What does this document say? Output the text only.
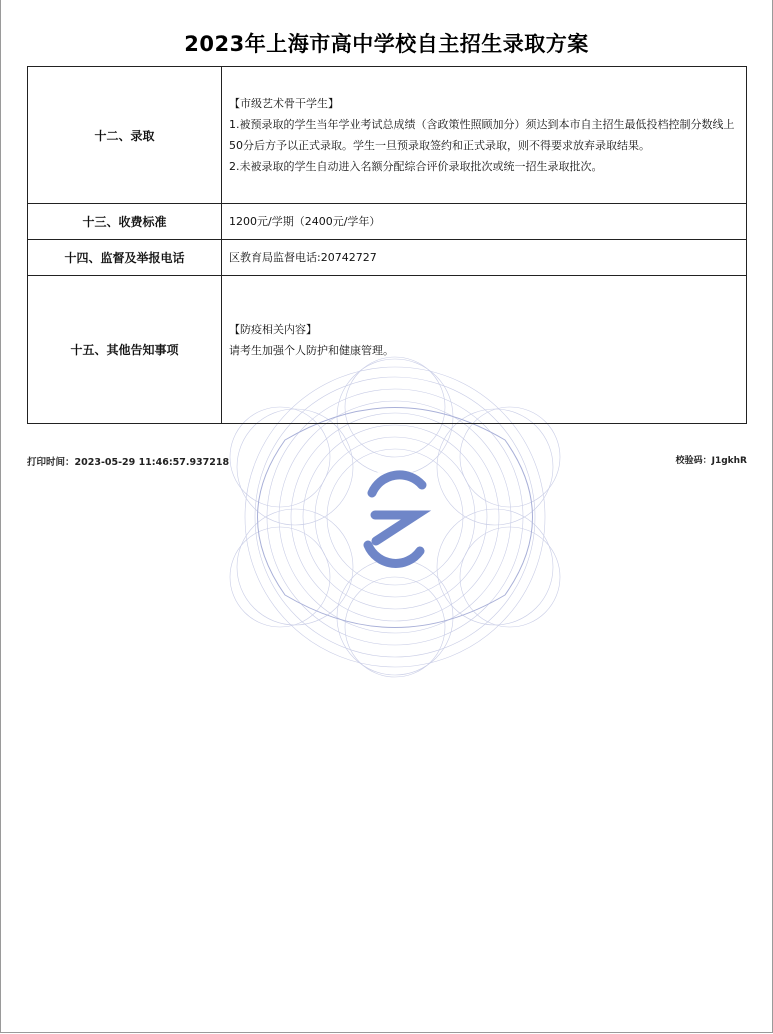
2023年上海市高中学校自主招生录取方案
十二、录取	【市级艺术骨干学生】
1.被预录取的学生当年学业考试总成绩（含政策性照顾加分）须达到本市自主招生最低投档控制分数线上50分后方予以正式录取。学生一旦预录取签约和正式录取，则不得要求放弃录取结果。
2.未被录取的学生自动进入名额分配综合评价录取批次或统一招生录取批次。

十三、收费标准	1200元/学期（2400元/学年）

十四、监督及举报电话	区教育局监督电话:20742727

十五、其他告知事项	【防疫相关内容】
请考生加强个人防护和健康管理。
打印时间：2023-05-29 11:46:57.937218	校验码：J1gkhR
